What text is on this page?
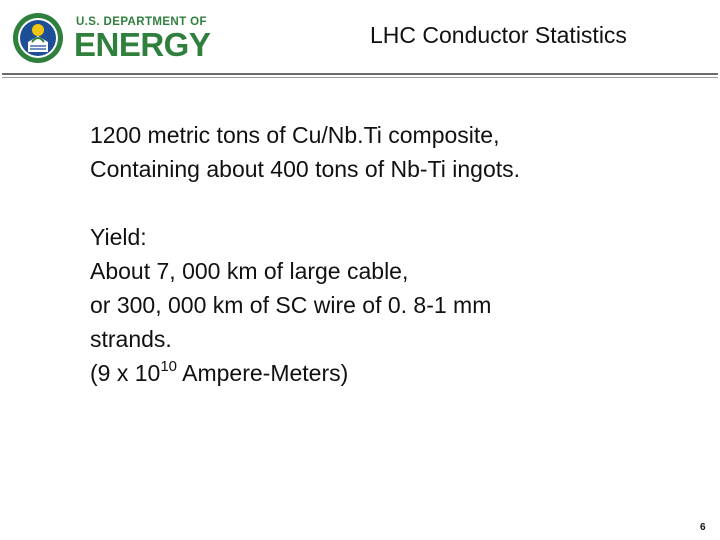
U.S. DEPARTMENT OF
ENERGY	LHC Conductor Statistics

1200 metric tons of Cu/Nb.Ti composite,

Containing about 400 tons of Nb-Ti ingots.

Yield:

About 7, 000 km of large cable,

or 300, 000 km of SC wire of 0. 8-1 mm

strands.

(9 x $10^{10}$ Ampere-Meters)

6
